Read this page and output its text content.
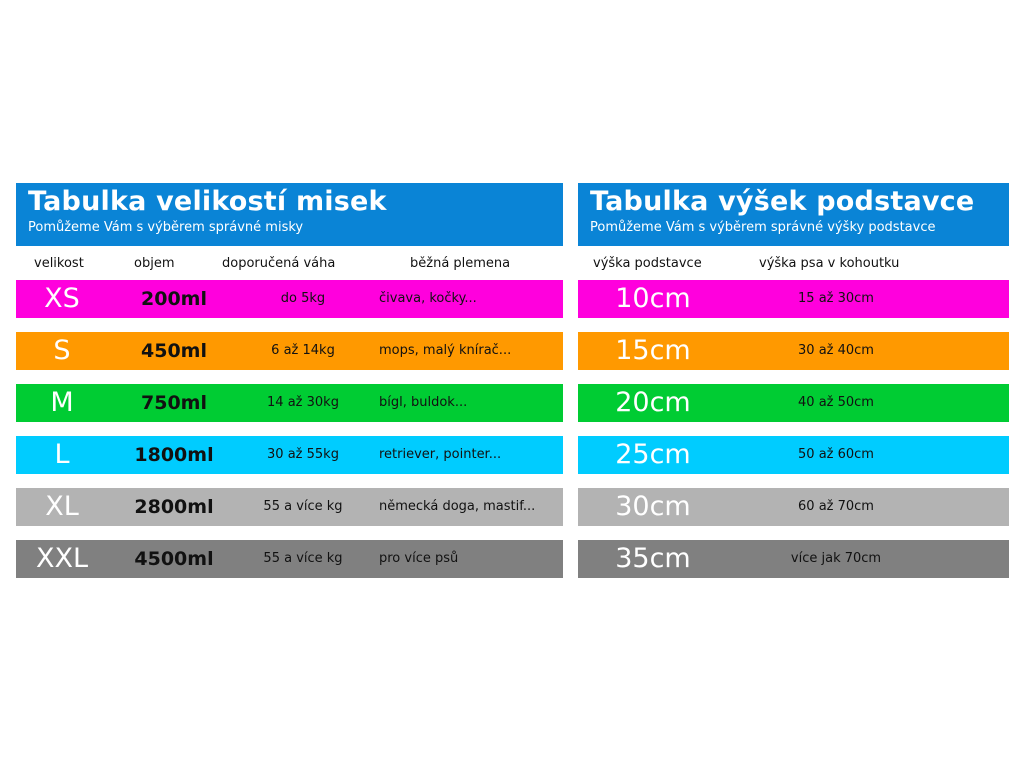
Tabulka velikostí misek
Pomůžeme Vám s výběrem správné misky
velikost	objem	doporučená váha	běžná plemena
XS	200ml	do 5kg	čivava, kočky...
S	450ml	6 až 14kg	mops, malý knírač...
M	750ml	14 až 30kg	bígl, buldok...
L	1800ml	30 až 55kg	retriever, pointer...
XL	2800ml	55 a více kg	německá doga, mastif...
XXL	4500ml	55 a více kg	pro více psů
Tabulka výšek podstavce
Pomůžeme Vám s výběrem správné výšky podstavce
výška podstavce	výška psa v kohoutku
10cm	15 až 30cm
15cm	30 až 40cm
20cm	40 až 50cm
25cm	50 až 60cm
30cm	60 až 70cm
35cm	více jak 70cm
